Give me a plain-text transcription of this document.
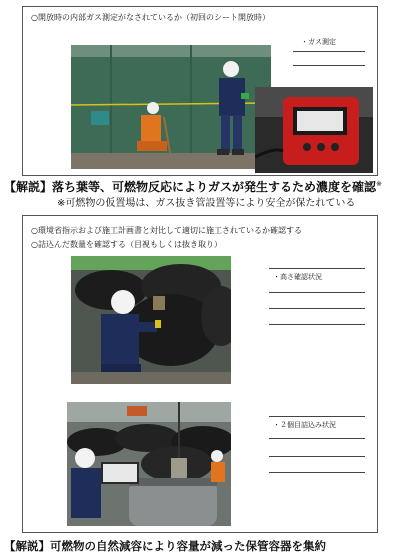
○開放時の内部ガス測定がなされているか（初回のシート開放時）
・ガス測定
【解説】落ち葉等、可燃物反応によりガスが発生するため濃度を確認※
※可燃物の仮置場は、ガス抜き管設置等により安全が保たれている
○環境省指示および施工計画書と対比して適切に施工されているか確認する
○詰込んだ数量を確認する（目視もしくは抜き取り）
・高さ確認状況
・２個目詰込み状況
【解説】可燃物の自然減容により容量が減った保管容器を集約
